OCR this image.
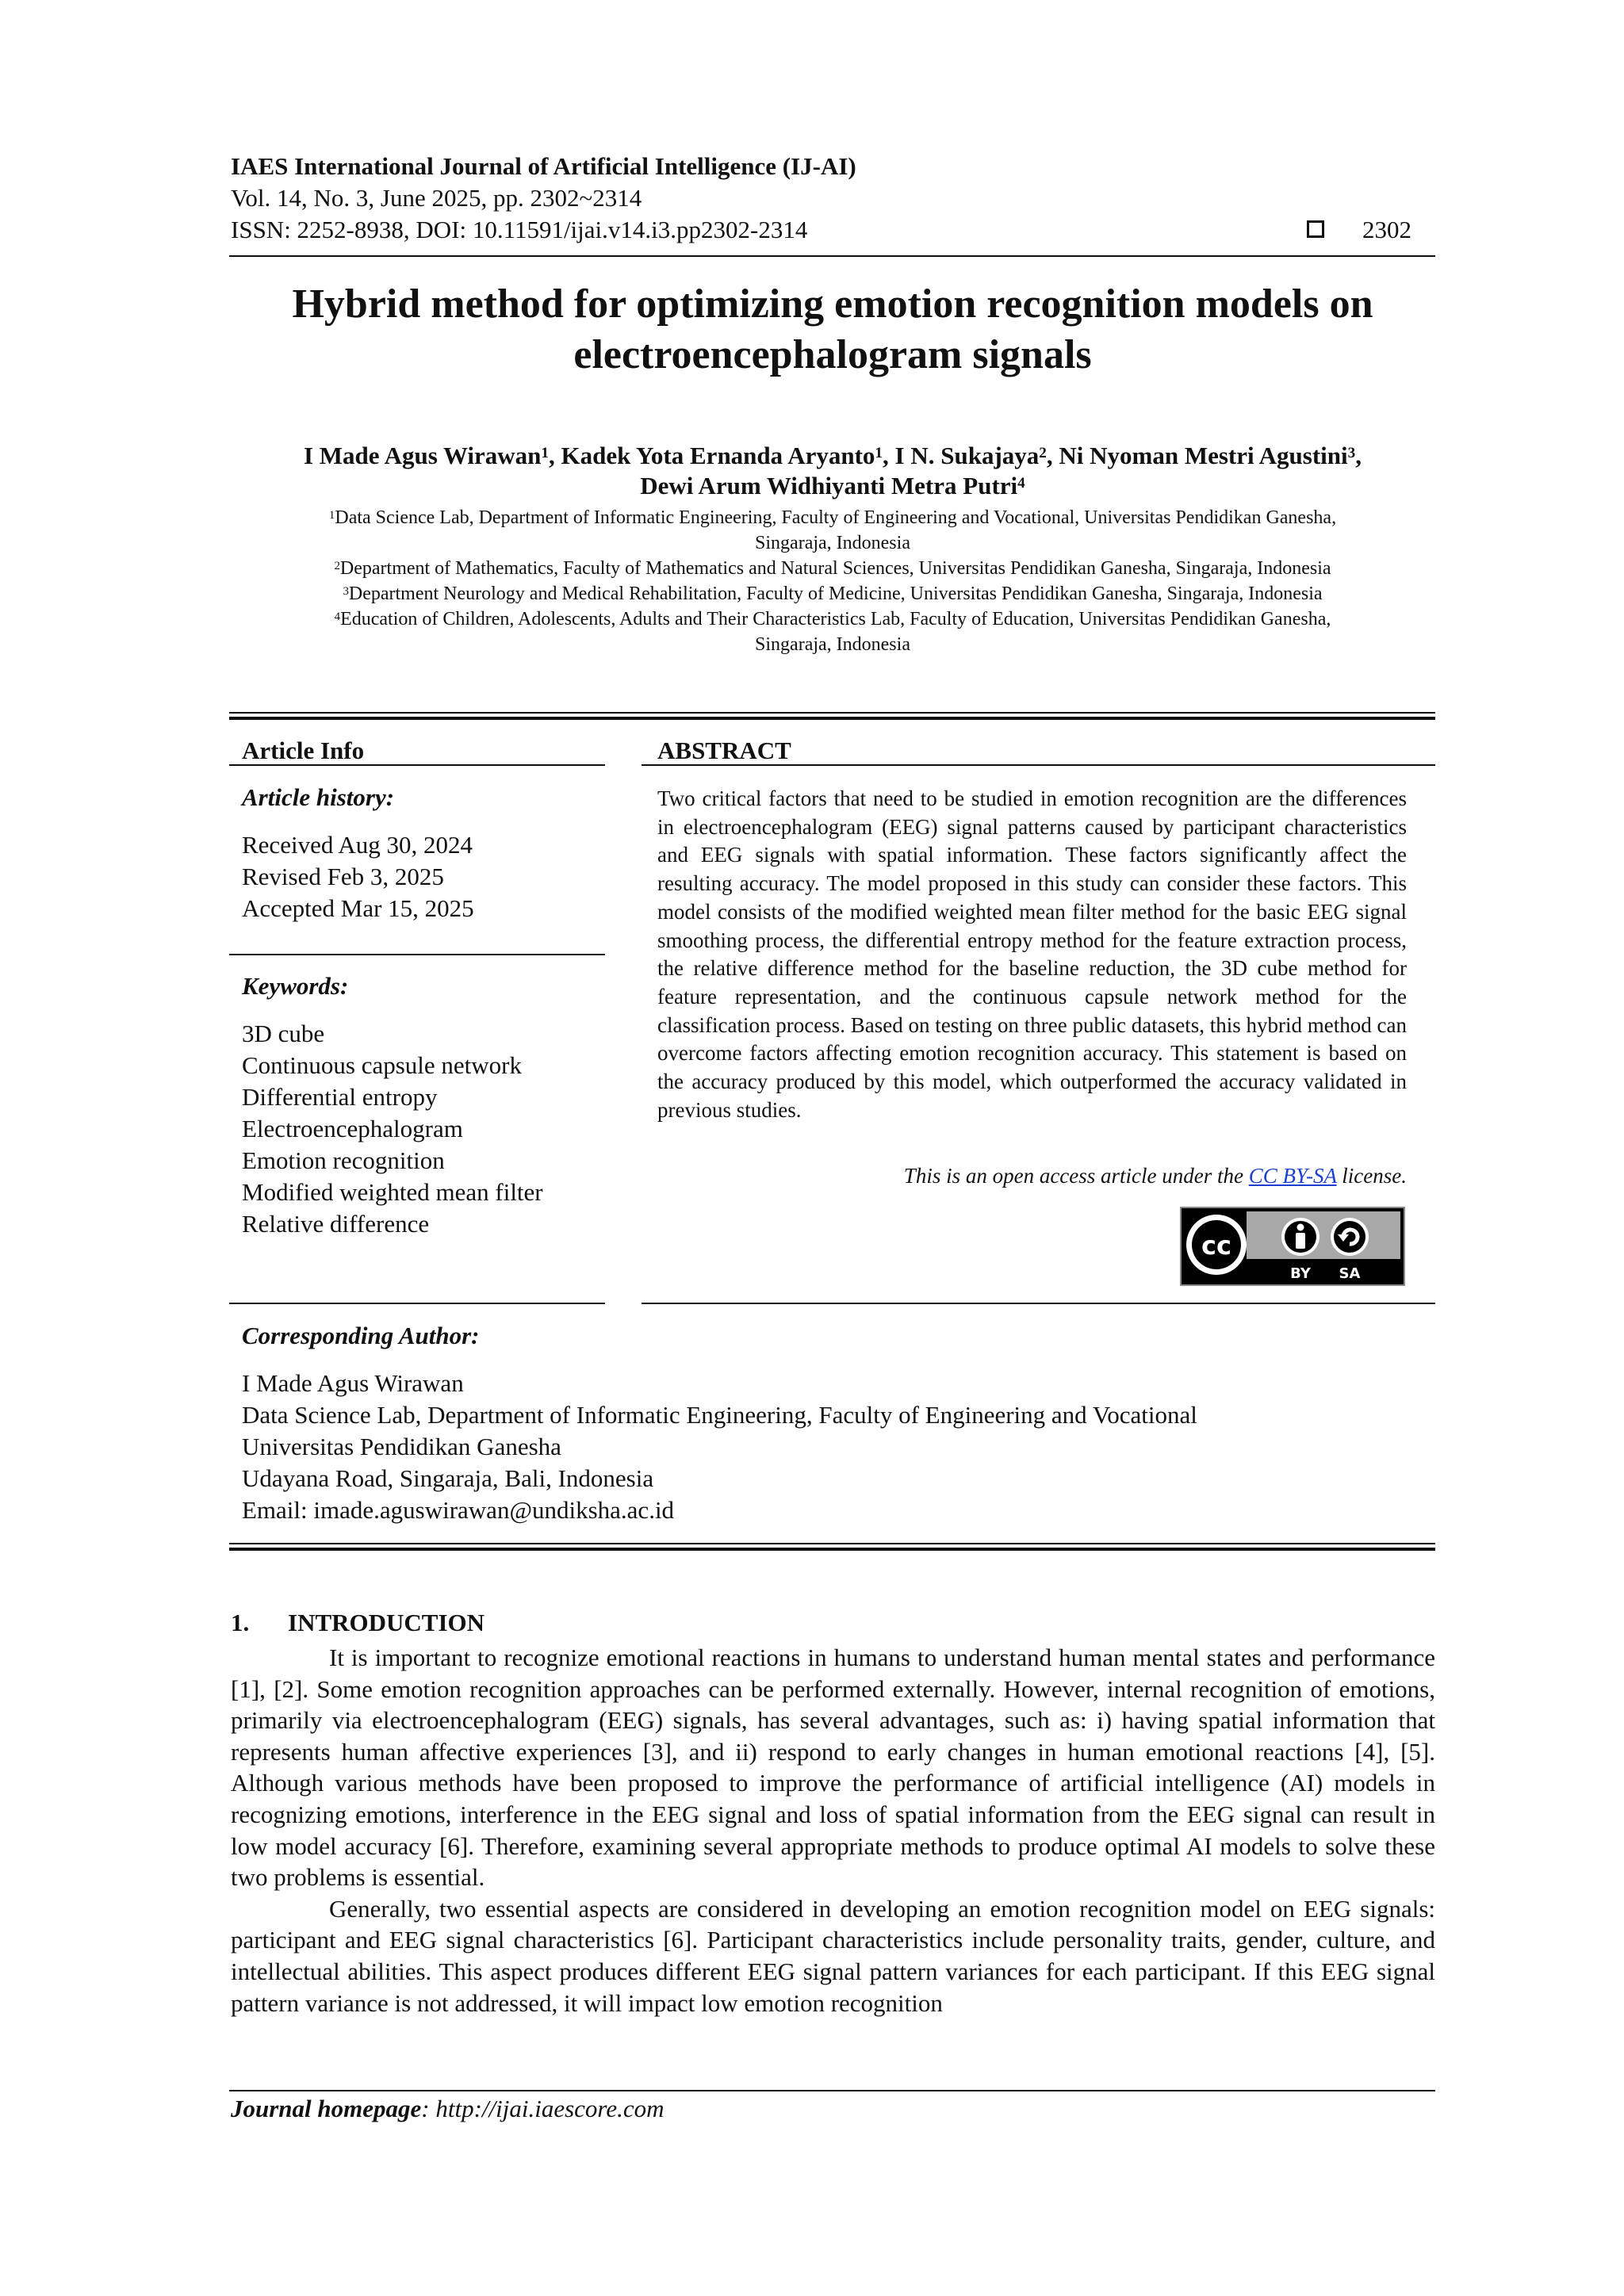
IAES International Journal of Artificial Intelligence (IJ-AI)
Vol. 14, No. 3, June 2025, pp. 2302~2314
ISSN: 2252-8938, DOI: 10.11591/ijai.v14.i3.pp2302-2314	2302
Hybrid method for optimizing emotion recognition models on
electroencephalogram signals
I Made Agus Wirawan$^1$, Kadek Yota Ernanda Aryanto$^1$, I N. Sukajaya$^2$, Ni Nyoman Mestri Agustini$^3$,
Dewi Arum Widhiyanti Metra Putri$^4$
$^1$Data Science Lab, Department of Informatic Engineering, Faculty of Engineering and Vocational, Universitas Pendidikan Ganesha,
Singaraja, Indonesia
$^2$Department of Mathematics, Faculty of Mathematics and Natural Sciences, Universitas Pendidikan Ganesha, Singaraja, Indonesia
$^3$Department Neurology and Medical Rehabilitation, Faculty of Medicine, Universitas Pendidikan Ganesha, Singaraja, Indonesia
$^4$Education of Children, Adolescents, Adults and Their Characteristics Lab, Faculty of Education, Universitas Pendidikan Ganesha,
Singaraja, Indonesia
Article Info
Article history:
Received Aug 30, 2024
Revised Feb 3, 2025
Accepted Mar 15, 2025
Keywords:
3D cube
Continuous capsule network
Differential entropy
Electroencephalogram
Emotion recognition
Modified weighted mean filter
Relative difference
ABSTRACT

Two critical factors that need to be studied in emotion recognition are the differences in electroencephalogram (EEG) signal patterns caused by participant characteristics and EEG signals with spatial information. These factors significantly affect the resulting accuracy. The model proposed in this study can consider these factors. This model consists of the modified weighted mean filter method for the basic EEG signal smoothing process, the differential entropy method for the feature extraction process, the relative difference method for the baseline reduction, the 3D cube method for feature representation, and the continuous capsule network method for the classification process. Based on testing on three public datasets, this hybrid method can overcome factors affecting emotion recognition accuracy. This statement is based on the accuracy produced by this model, which outperformed the accuracy validated in previous studies.

This is an open access article under the CC BY-SA license.
cc
BY SA
Corresponding Author:
I Made Agus Wirawan
Data Science Lab, Department of Informatic Engineering, Faculty of Engineering and Vocational
Universitas Pendidikan Ganesha
Udayana Road, Singaraja, Bali, Indonesia
Email: imade.aguswirawan@undiksha.ac.id
1. INTRODUCTION

It is important to recognize emotional reactions in humans to understand human mental states and performance [1], [2]. Some emotion recognition approaches can be performed externally. However, internal recognition of emotions, primarily via electroencephalogram (EEG) signals, has several advantages, such as: i) having spatial information that represents human affective experiences [3], and ii) respond to early changes in human emotional reactions [4], [5]. Although various methods have been proposed to improve the performance of artificial intelligence (AI) models in recognizing emotions, interference in the EEG signal and loss of spatial information from the EEG signal can result in low model accuracy [6]. Therefore, examining several appropriate methods to produce optimal AI models to solve these two problems is essential.

Generally, two essential aspects are considered in developing an emotion recognition model on EEG signals: participant and EEG signal characteristics [6]. Participant characteristics include personality traits, gender, culture, and intellectual abilities. This aspect produces different EEG signal pattern variances for each participant. If this EEG signal pattern variance is not addressed, it will impact low emotion recognition

Journal homepage: http://ijai.iaescore.com
